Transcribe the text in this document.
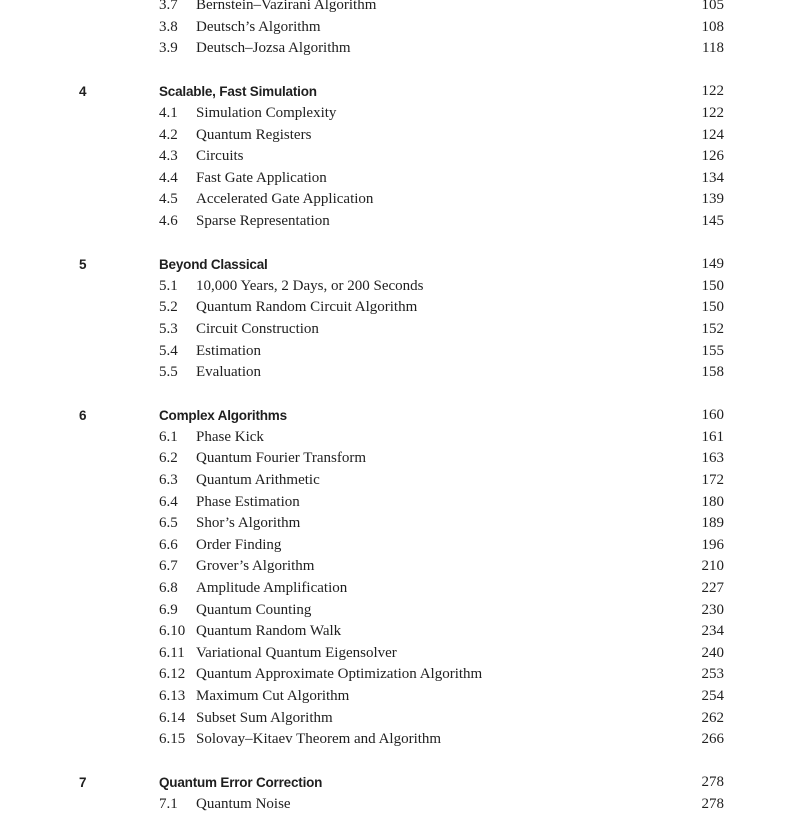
3.7 Bernstein–Vazirani Algorithm	105
3.8 Deutsch’s Algorithm	108
3.9 Deutsch–Jozsa Algorithm	118
4	Scalable, Fast Simulation	122
4.1 Simulation Complexity	122
4.2 Quantum Registers	124
4.3 Circuits	126
4.4 Fast Gate Application	134
4.5 Accelerated Gate Application	139
4.6 Sparse Representation	145
5	Beyond Classical	149
5.1 10,000 Years, 2 Days, or 200 Seconds	150
5.2 Quantum Random Circuit Algorithm	150
5.3 Circuit Construction	152
5.4 Estimation	155
5.5 Evaluation	158
6	Complex Algorithms	160
6.1 Phase Kick	161
6.2 Quantum Fourier Transform	163
6.3 Quantum Arithmetic	172
6.4 Phase Estimation	180
6.5 Shor’s Algorithm	189
6.6 Order Finding	196
6.7 Grover’s Algorithm	210
6.8 Amplitude Amplification	227
6.9 Quantum Counting	230
6.10 Quantum Random Walk	234
6.11 Variational Quantum Eigensolver	240
6.12 Quantum Approximate Optimization Algorithm	253
6.13 Maximum Cut Algorithm	254
6.14 Subset Sum Algorithm	262
6.15 Solovay–Kitaev Theorem and Algorithm	266
7	Quantum Error Correction	278
7.1 Quantum Noise	278
